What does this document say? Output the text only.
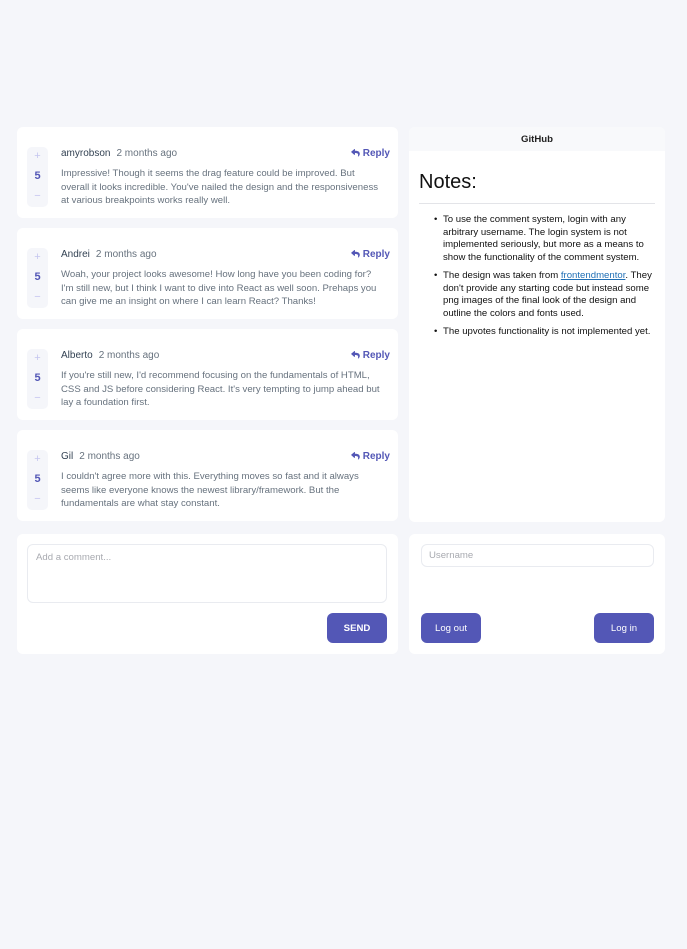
+
5
−
amyrobson 2 months ago	Reply
Impressive! Though it seems the drag feature could be improved. But overall it looks incredible. You've nailed the design and the responsiveness at various breakpoints works really well.
+
5
−
Andrei 2 months ago	Reply
Woah, your project looks awesome! How long have you been coding for? I'm still new, but I think I want to dive into React as well soon. Prehaps you can give me an insight on where I can learn React? Thanks!
+
5
−
Alberto 2 months ago	Reply
If you're still new, I'd recommend focusing on the fundamentals of HTML, CSS and JS before considering React. It's very tempting to jump ahead but lay a foundation first.
+
5
−
Gil 2 months ago	Reply
I couldn't agree more with this. Everything moves so fast and it always seems like everyone knows the newest library/framework. But the fundamentals are what stay constant.
Add a comment...
SEND
GitHub
Notes:
• To use the comment system, login with any arbitrary username. The login system is not implemented seriously, but more as a means to show the functionality of the comment system.
• The design was taken from frontendmentor. They don't provide any starting code but instead some png images of the final look of the design and outline the colors and fonts used.
• The upvotes functionality is not implemented yet.
Username
Log out	Log in
